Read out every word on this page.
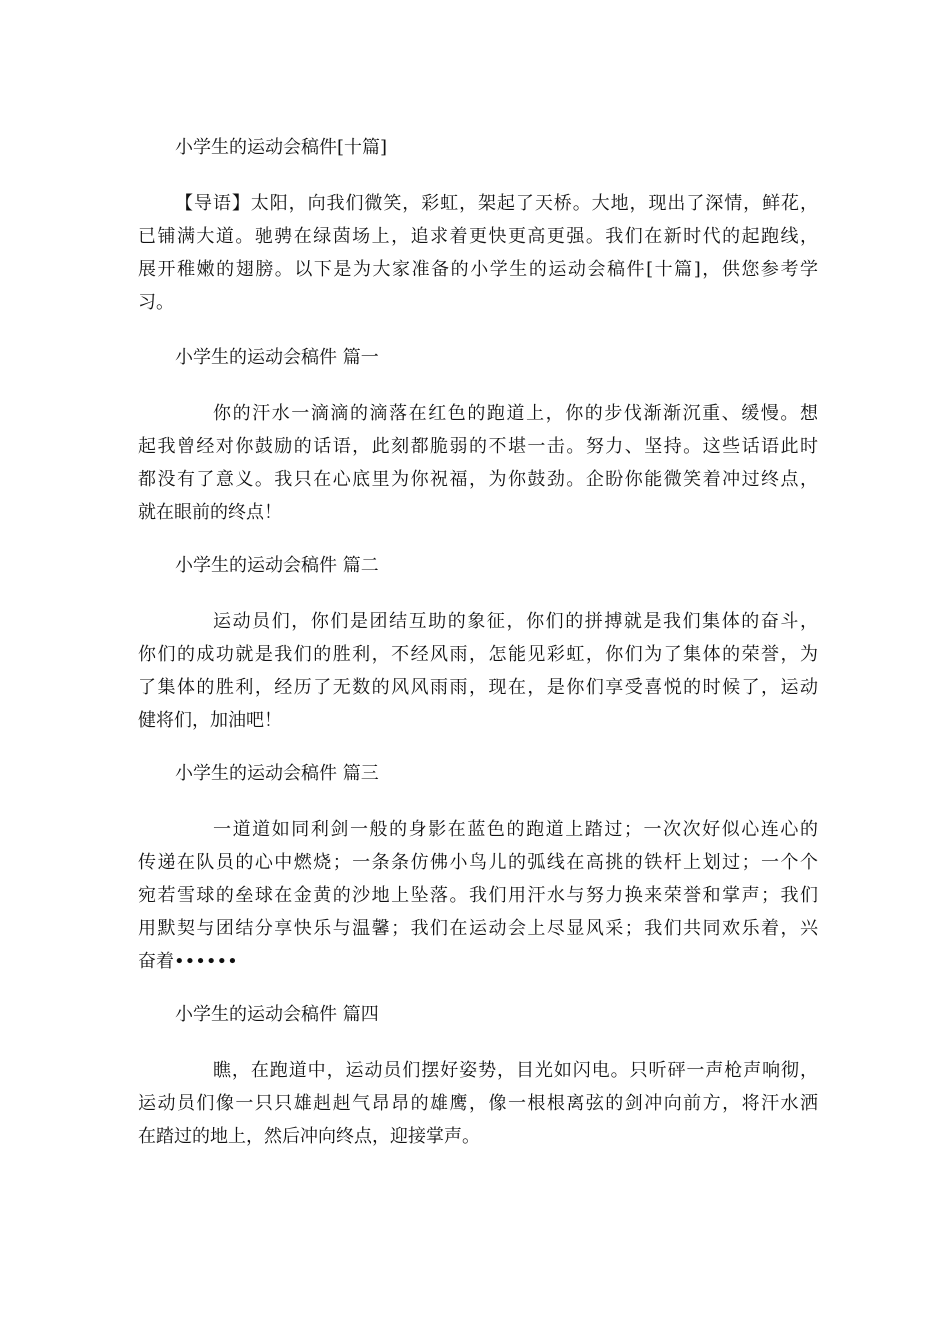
小学生的运动会稿件[十篇]
【导语】太阳，向我们微笑，彩虹，架起了天桥。大地，现出了深情，鲜花，
已铺满大道。驰骋在绿茵场上，追求着更快更高更强。我们在新时代的起跑线，
展开稚嫩的翅膀。以下是为大家准备的小学生的运动会稿件[十篇]，供您参考学
习。
小学生的运动会稿件 篇一
你的汗水一滴滴的滴落在红色的跑道上，你的步伐渐渐沉重、缓慢。想
起我曾经对你鼓励的话语，此刻都脆弱的不堪一击。努力、坚持。这些话语此时
都没有了意义。我只在心底里为你祝福，为你鼓劲。企盼你能微笑着冲过终点，
就在眼前的终点！
小学生的运动会稿件 篇二
运动员们，你们是团结互助的象征，你们的拼搏就是我们集体的奋斗，
你们的成功就是我们的胜利，不经风雨，怎能见彩虹，你们为了集体的荣誉，为
了集体的胜利，经历了无数的风风雨雨，现在，是你们享受喜悦的时候了，运动
健将们，加油吧！
小学生的运动会稿件 篇三
一道道如同利剑一般的身影在蓝色的跑道上踏过；一次次好似心连心的
传递在队员的心中燃烧；一条条仿佛小鸟儿的弧线在高挑的铁杆上划过；一个个
宛若雪球的垒球在金黄的沙地上坠落。我们用汗水与努力换来荣誉和掌声；我们
用默契与团结分享快乐与温馨；我们在运动会上尽显风采；我们共同欢乐着，兴
奋着••••••
小学生的运动会稿件 篇四
瞧，在跑道中，运动员们摆好姿势，目光如闪电。只听砰一声枪声响彻，
运动员们像一只只雄赳赳气昂昂的雄鹰，像一根根离弦的剑冲向前方，将汗水洒
在踏过的地上，然后冲向终点，迎接掌声。
